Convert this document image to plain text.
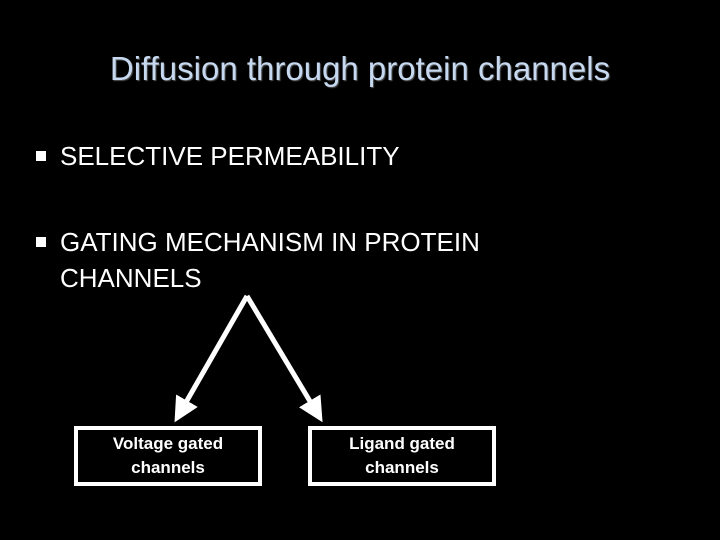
Diffusion through protein channels
SELECTIVE PERMEABILITY
GATING MECHANISM IN PROTEIN
CHANNELS
Voltage gated
channels
Ligand gated
channels
